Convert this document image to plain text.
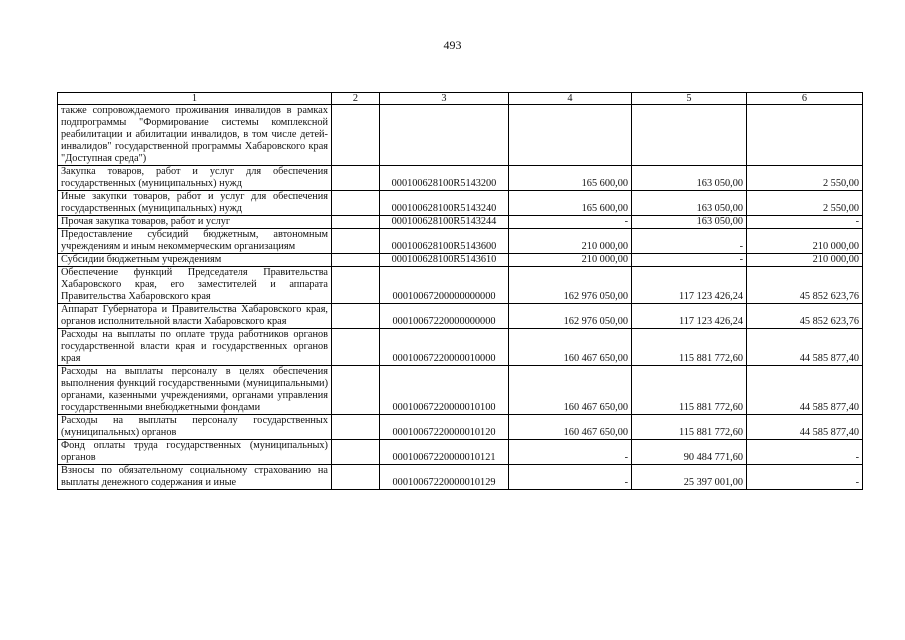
493
1	2	3	4	5	6
также сопровождаемого проживания инвалидов в рамках подпрограммы "Формирование системы комплексной реабилитации и абилитации инвалидов, в том числе детей-инвалидов" государственной программы Хабаровского края "Доступная среда")					
Закупка товаров, работ и услуг для обеспечения государственных (муниципальных) нужд		000100628100R5143200	165 600,00	163 050,00	2 550,00
Иные закупки товаров, работ и услуг для обеспечения государственных (муниципальных) нужд		000100628100R5143240	165 600,00	163 050,00	2 550,00
Прочая закупка товаров, работ и услуг		000100628100R5143244	-	163 050,00	-
Предоставление субсидий бюджетным, автономным учреждениям и иным некоммерческим организациям		000100628100R5143600	210 000,00	-	210 000,00
Субсидии бюджетным учреждениям		000100628100R5143610	210 000,00	-	210 000,00
Обеспечение функций Председателя Правительства Хабаровского края, его заместителей и аппарата Правительства Хабаровского края		00010067200000000000	162 976 050,00	117 123 426,24	45 852 623,76
Аппарат Губернатора и Правительства Хабаровского края, органов исполнительной власти Хабаровского края		00010067220000000000	162 976 050,00	117 123 426,24	45 852 623,76
Расходы на выплаты по оплате труда работников органов государственной власти края и государственных органов края		00010067220000010000	160 467 650,00	115 881 772,60	44 585 877,40
Расходы на выплаты персоналу в целях обеспечения выполнения функций государственными (муниципальными) органами, казенными учреждениями, органами управления государственными внебюджетными фондами		00010067220000010100	160 467 650,00	115 881 772,60	44 585 877,40
Расходы на выплаты персоналу государственных (муниципальных) органов		00010067220000010120	160 467 650,00	115 881 772,60	44 585 877,40
Фонд оплаты труда государственных (муниципальных) органов		00010067220000010121	-	90 484 771,60	-
Взносы по обязательному социальному страхованию на выплаты денежного содержания и иные		00010067220000010129	-	25 397 001,00	-
